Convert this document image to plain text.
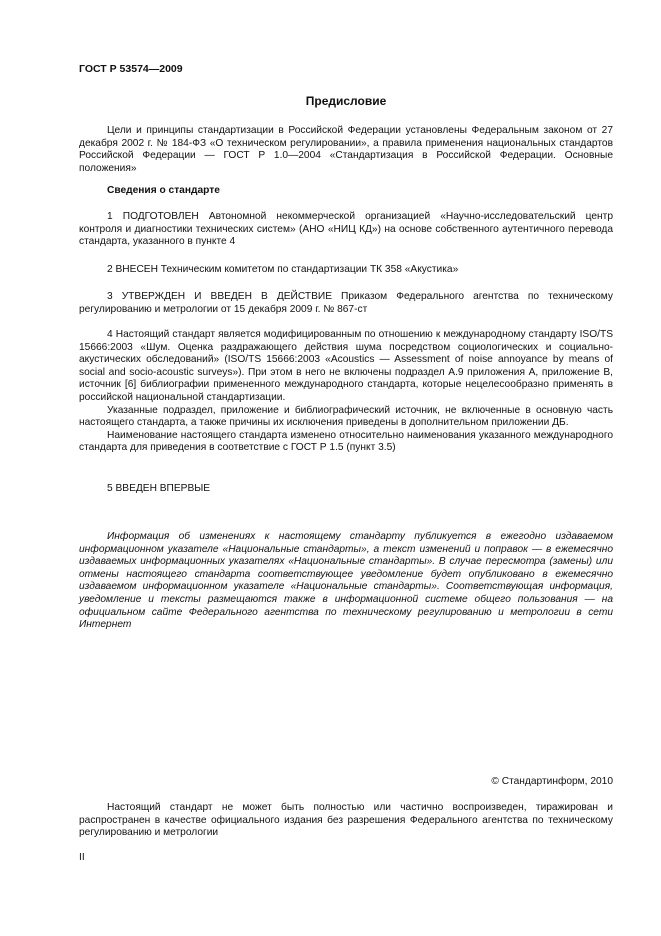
ГОСТ Р 53574—2009
Предисловие
Цели и принципы стандартизации в Российской Федерации установлены Федеральным законом от 27 декабря 2002 г. № 184-ФЗ «О техническом регулировании», а правила применения национальных стандартов Российской Федерации — ГОСТ Р 1.0—2004 «Стандартизация в Российской Федерации. Основные положения»
Сведения о стандарте
1 ПОДГОТОВЛЕН Автономной некоммерческой организацией «Научно-исследовательский центр контроля и диагностики технических систем» (АНО «НИЦ КД») на основе собственного аутентичного перевода стандарта, указанного в пункте 4
2 ВНЕСЕН Техническим комитетом по стандартизации ТК 358 «Акустика»
3 УТВЕРЖДЕН И ВВЕДЕН В ДЕЙСТВИЕ Приказом Федерального агентства по техническому регулированию и метрологии от 15 декабря 2009 г. № 867-ст

4 Настоящий стандарт является модифицированным по отношению к международному стандарту ISO/TS 15666:2003 «Шум. Оценка раздражающего действия шума посредством социологических и социально-акустических обследований» (ISO/TS 15666:2003 «Acoustics — Assessment of noise annoyance by means of social and socio-acoustic surveys»). При этом в него не включены подраздел А.9 приложения А, приложение В, источник [6] библиографии примененного международного стандарта, которые нецелесообразно применять в российской национальной стандартизации.

Указанные подраздел, приложение и библиографический источник, не включенные в основную часть настоящего стандарта, а также причины их исключения приведены в дополнительном приложении ДБ.

Наименование настоящего стандарта изменено относительно наименования указанного международного стандарта для приведения в соответствие с ГОСТ Р 1.5 (пункт 3.5)

5 ВВЕДЕН ВПЕРВЫЕ
Информация об изменениях к настоящему стандарту публикуется в ежегодно издаваемом информационном указателе «Национальные стандарты», а текст изменений и поправок — в ежемесячно издаваемых информационных указателях «Национальные стандарты». В случае пересмотра (замены) или отмены настоящего стандарта соответствующее уведомление будет опубликовано в ежемесячно издаваемом информационном указателе «Национальные стандарты». Соответствующая информация, уведомление и тексты размещаются также в информационной системе общего пользования — на официальном сайте Федерального агентства по техническому регулированию и метрологии в сети Интернет
© Стандартинформ, 2010
Настоящий стандарт не может быть полностью или частично воспроизведен, тиражирован и распространен в качестве официального издания без разрешения Федерального агентства по техническому регулированию и метрологии
II
